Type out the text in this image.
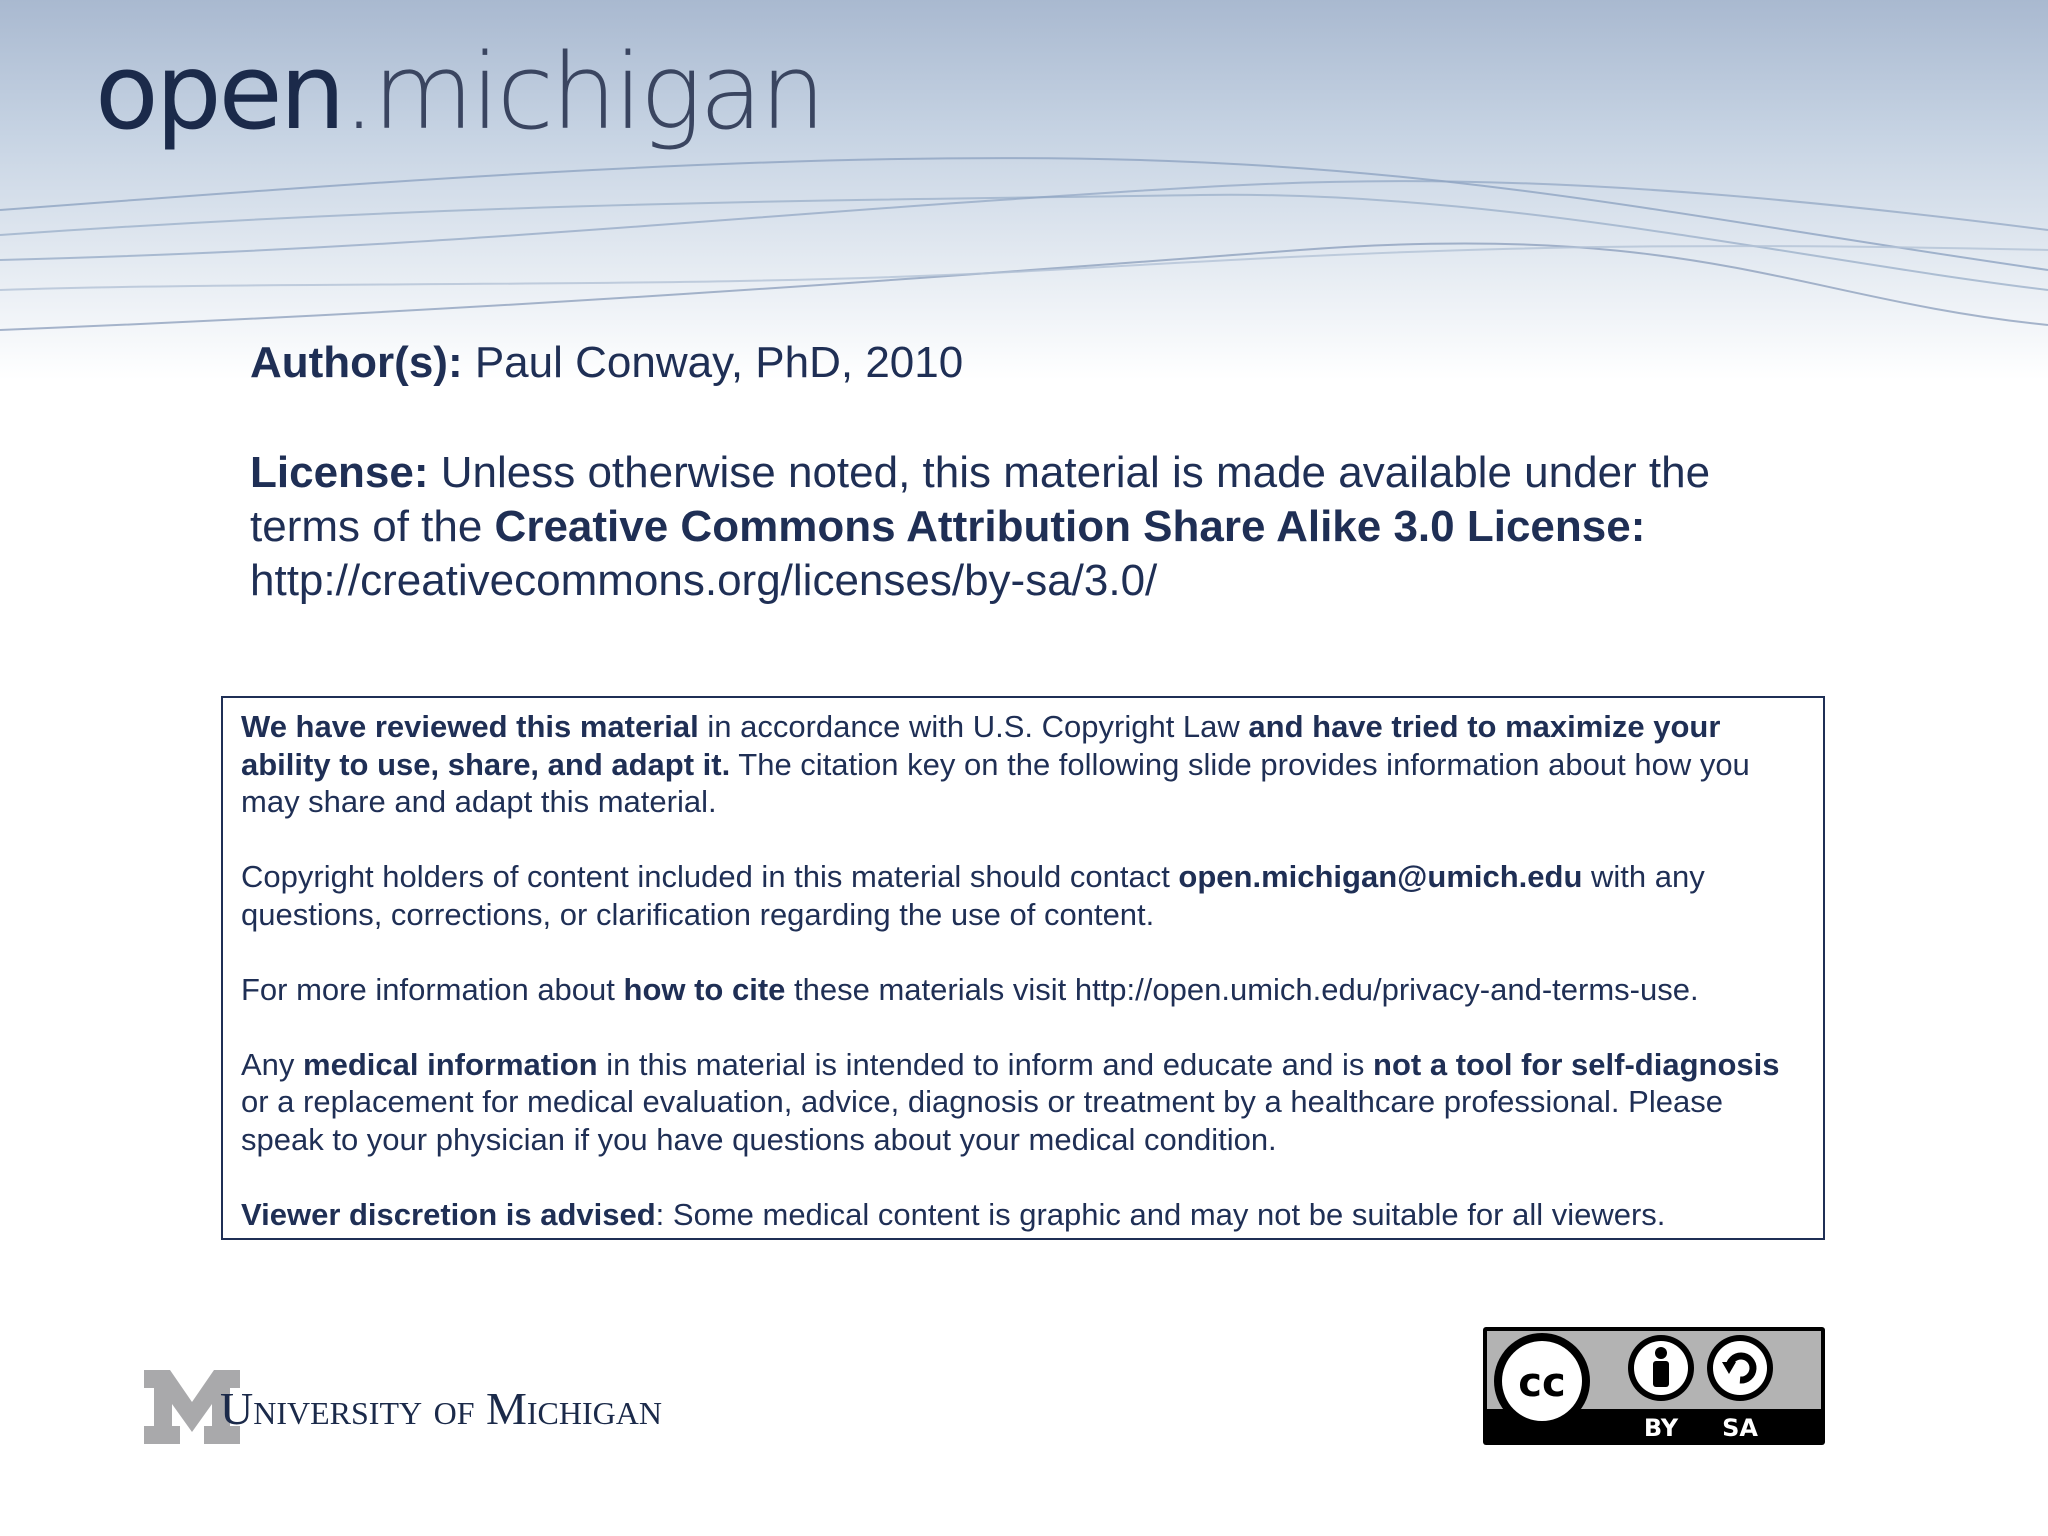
open.michigan
Author(s): Paul Conway, PhD, 2010
License: Unless otherwise noted, this material is made available under the terms of the Creative Commons Attribution Share Alike 3.0 License:
http://creativecommons.org/licenses/by-sa/3.0/

We have reviewed this material in accordance with U.S. Copyright Law and have tried to maximize your ability to use, share, and adapt it. The citation key on the following slide provides information about how you may share and adapt this material.

Copyright holders of content included in this material should contact open.michigan@umich.edu with any questions, corrections, or clarification regarding the use of content.

For more information about how to cite these materials visit http://open.umich.edu/privacy-and-terms-use.

Any medical information in this material is intended to inform and educate and is not a tool for self-diagnosis or a replacement for medical evaluation, advice, diagnosis or treatment by a healthcare professional. Please speak to your physician if you have questions about your medical condition.

Viewer discretion is advised: Some medical content is graphic and may not be suitable for all viewers.

University of Michigan	cc
BY SA
